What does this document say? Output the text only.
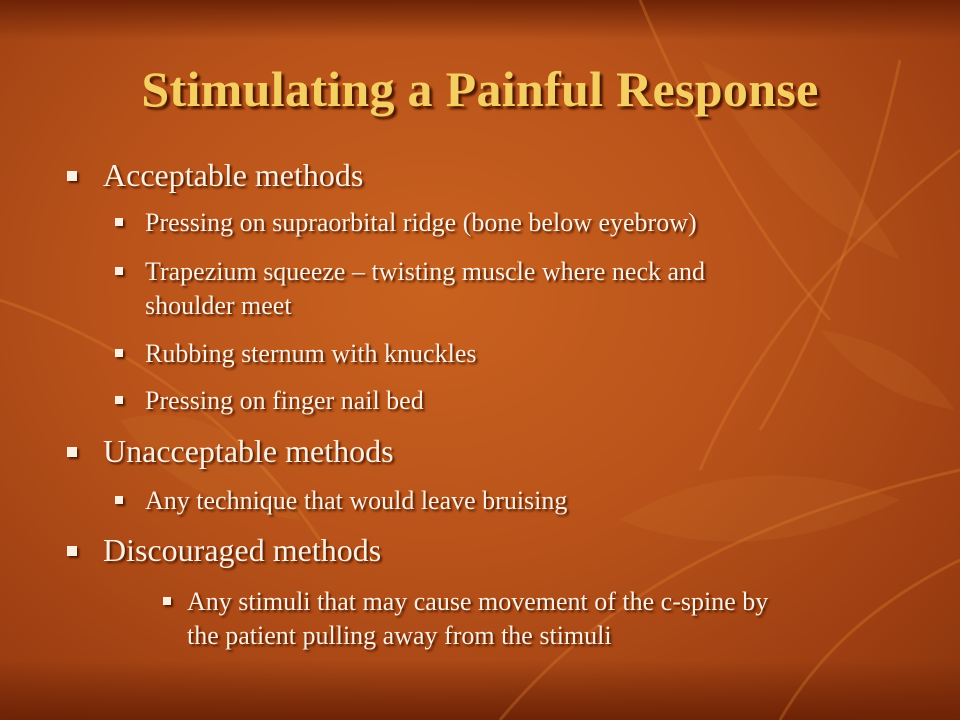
Stimulating a Painful Response
Acceptable methods
Pressing on supraorbital ridge (bone below eyebrow)
Trapezium squeeze – twisting muscle where neck and
shoulder meet
Rubbing sternum with knuckles
Pressing on finger nail bed
Unacceptable methods
Any technique that would leave bruising
Discouraged methods
Any stimuli that may cause movement of the c-spine by
the patient pulling away from the stimuli
